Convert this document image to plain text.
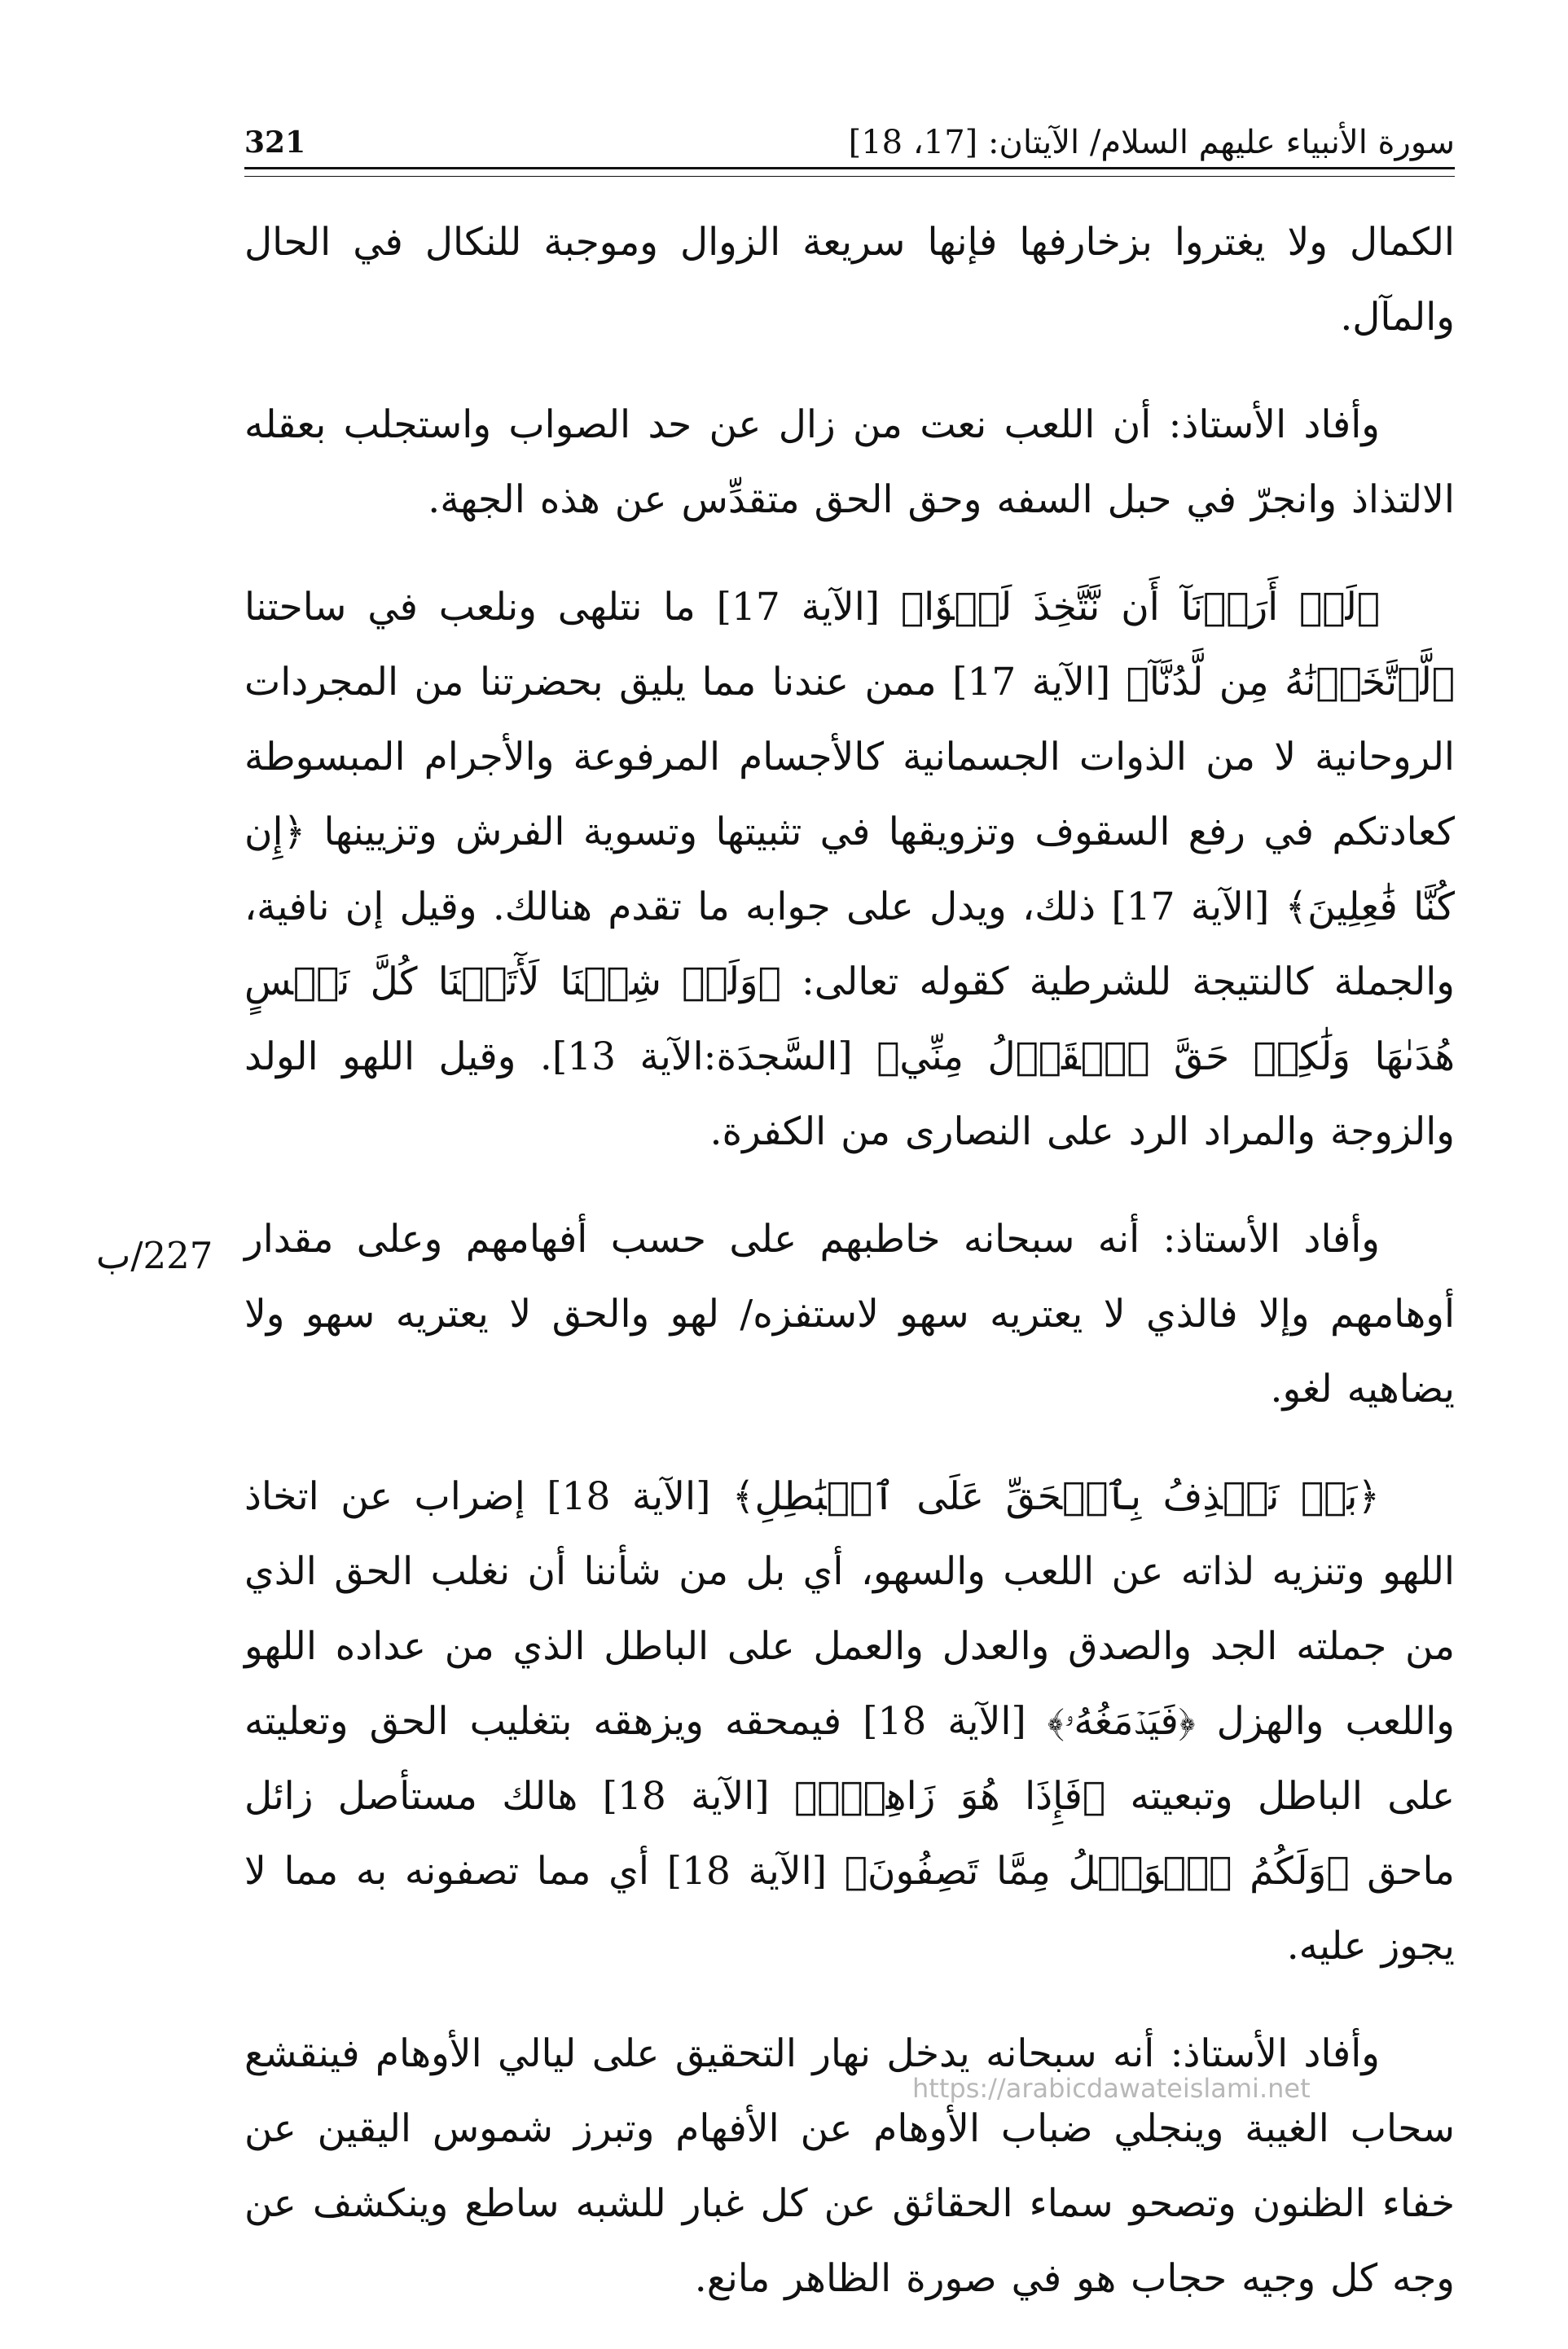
سورة الأنبياء عليهم السلام/ الآيتان: [17، 18]
321

الكمال ولا يغتروا بزخارفها فإنها سريعة الزوال وموجبة للنكال في الحال والمآل.

وأفاد الأستاذ: أن اللعب نعت من زال عن حد الصواب واستجلب بعقله الالتذاذ وانجرّ في حبل السفه وحق الحق متقدِّس عن هذه الجهة.

﴿لَوۡ أَرَدۡنَآ أَن نَّتَّخِذَ لَهۡوٗا﴾ [الآية 17] ما نتلهى ونلعب في ساحتنا ﴿لَّٱتَّخَذۡنَٰهُ مِن لَّدُنَّآ﴾ [الآية 17] ممن عندنا مما يليق بحضرتنا من المجردات الروحانية لا من الذوات الجسمانية كالأجسام المرفوعة والأجرام المبسوطة كعادتكم في رفع السقوف وتزويقها في تثبيتها وتسوية الفرش وتزيينها ﴿إِن كُنَّا فَٰعِلِينَ﴾ [الآية 17] ذلك، ويدل على جوابه ما تقدم هنالك. وقيل إن نافية، والجملة كالنتيجة للشرطية كقوله تعالى: ﴿وَلَوۡ شِئۡنَا لَأٓتَيۡنَا كُلَّ نَفۡسٍ هُدَىٰهَا وَلَٰكِنۡ حَقَّ ٱلۡقَوۡلُ مِنِّي﴾ [السَّجدَة:الآية 13]. وقيل اللهو الولد والزوجة والمراد الرد على النصارى من الكفرة.

وأفاد الأستاذ: أنه سبحانه خاطبهم على حسب أفهامهم وعلى مقدار أوهامهم وإلا فالذي لا يعتريه سهو لاستفزه/ لهو والحق لا يعتريه سهو ولا يضاهيه لغو.

﴿بَلۡ نَقۡذِفُ بِٱلۡحَقِّ عَلَى ٱلۡبَٰطِلِ﴾ [الآية 18] إضراب عن اتخاذ اللهو وتنزيه لذاته عن اللعب والسهو، أي بل من شأننا أن نغلب الحق الذي من جملته الجد والصدق والعدل والعمل على الباطل الذي من عداده اللهو واللعب والهزل ﴿فَيَدۡمَغُهُۥ﴾ [الآية 18] فيمحقه ويزهقه بتغليب الحق وتعليته على الباطل وتبعيته ﴿فَإِذَا هُوَ زَاهِقٞۚ﴾ [الآية 18] هالك مستأصل زائل ماحق ﴿وَلَكُمُ ٱلۡوَيۡلُ مِمَّا تَصِفُونَ﴾ [الآية 18] أي مما تصفونه به مما لا يجوز عليه.

وأفاد الأستاذ: أنه سبحانه يدخل نهار التحقيق على ليالي الأوهام فينقشع سحاب الغيبة وينجلي ضباب الأوهام عن الأفهام وتبرز شموس اليقين عن خفاء الظنون وتصحو سماء الحقائق عن كل غبار للشبه ساطع وينكشف عن وجه كل وجيه حجاب هو في صورة الظاهر مانع.

227/ب
https://arabicdawateislami.net
